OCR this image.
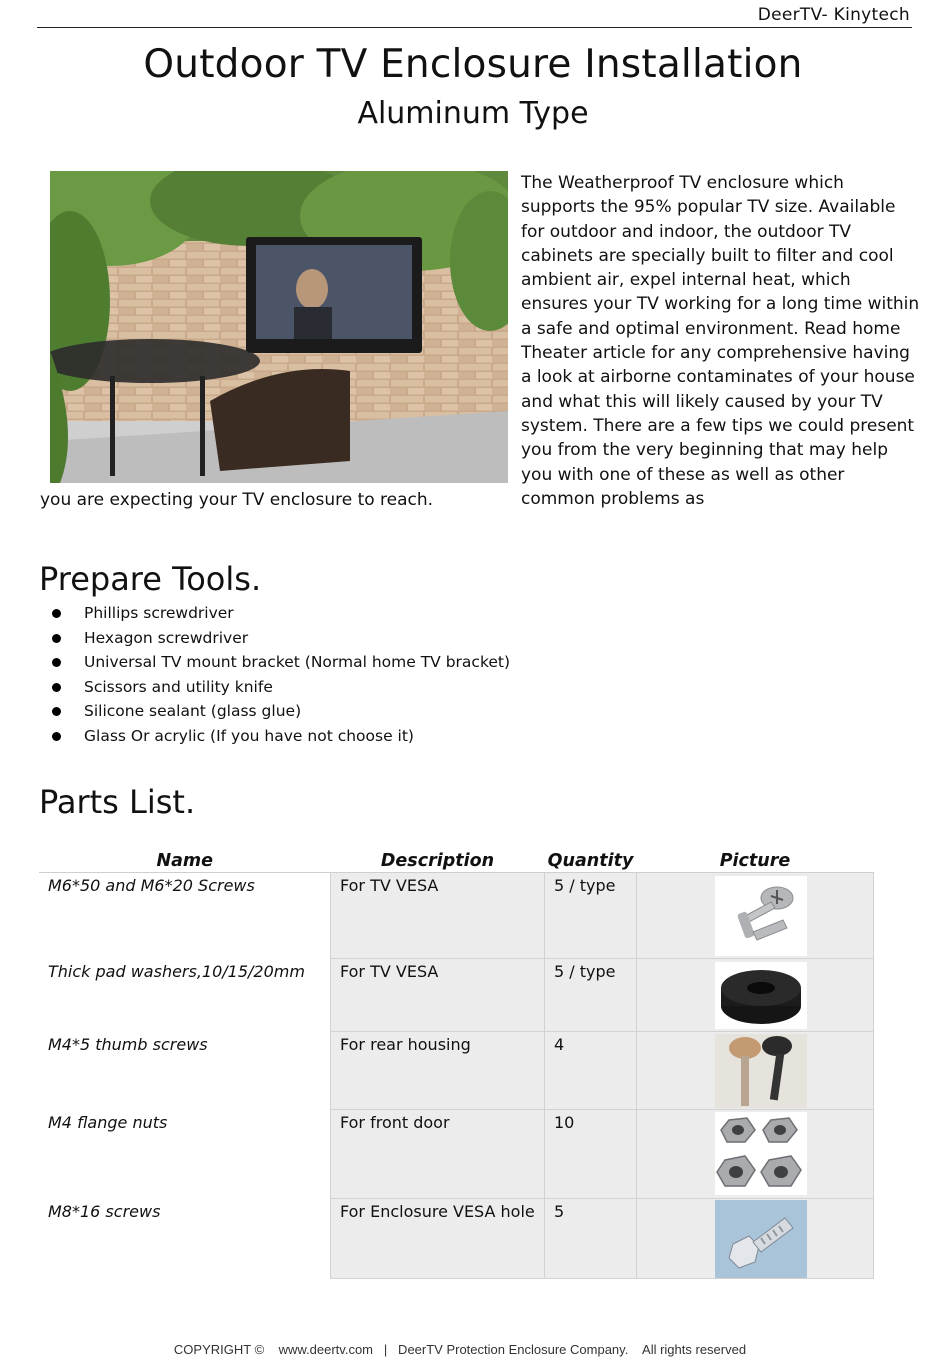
DeerTV- Kinytech
Outdoor TV Enclosure Installation
Aluminum Type
The Weatherproof TV enclosure which supports the 95% popular TV size. Available for outdoor and indoor, the outdoor TV cabinets are specially built to filter and cool ambient air, expel internal heat, which ensures your TV working for a long time within a safe and optimal environment. Read home Theater article for any comprehensive having a look at airborne contaminates of your house and what this will likely caused by your TV system. There are a few tips we could present you from the very beginning that may help you with one of these as well as other common problems as
you are expecting your TV enclosure to reach.
Prepare Tools.
Phillips screwdriver
Hexagon screwdriver
Universal TV mount bracket (Normal home TV bracket)
Scissors and utility knife
Silicone sealant (glass glue)
Glass Or acrylic (If you have not choose it)
Parts List.
Name	Description	Quantity	Picture
M6*50 and M6*20 Screws	For TV VESA	5 / type	

Thick pad washers,10/15/20mm	For TV VESA	5 / type	

M4*5 thumb screws	For rear housing	4	

M4 flange nuts	For front door	10	

M8*16 screws	For Enclosure VESA hole	5	
COPYRIGHT ©    www.deertv.com   |   DeerTV Protection Enclosure Company.    All rights reserved
